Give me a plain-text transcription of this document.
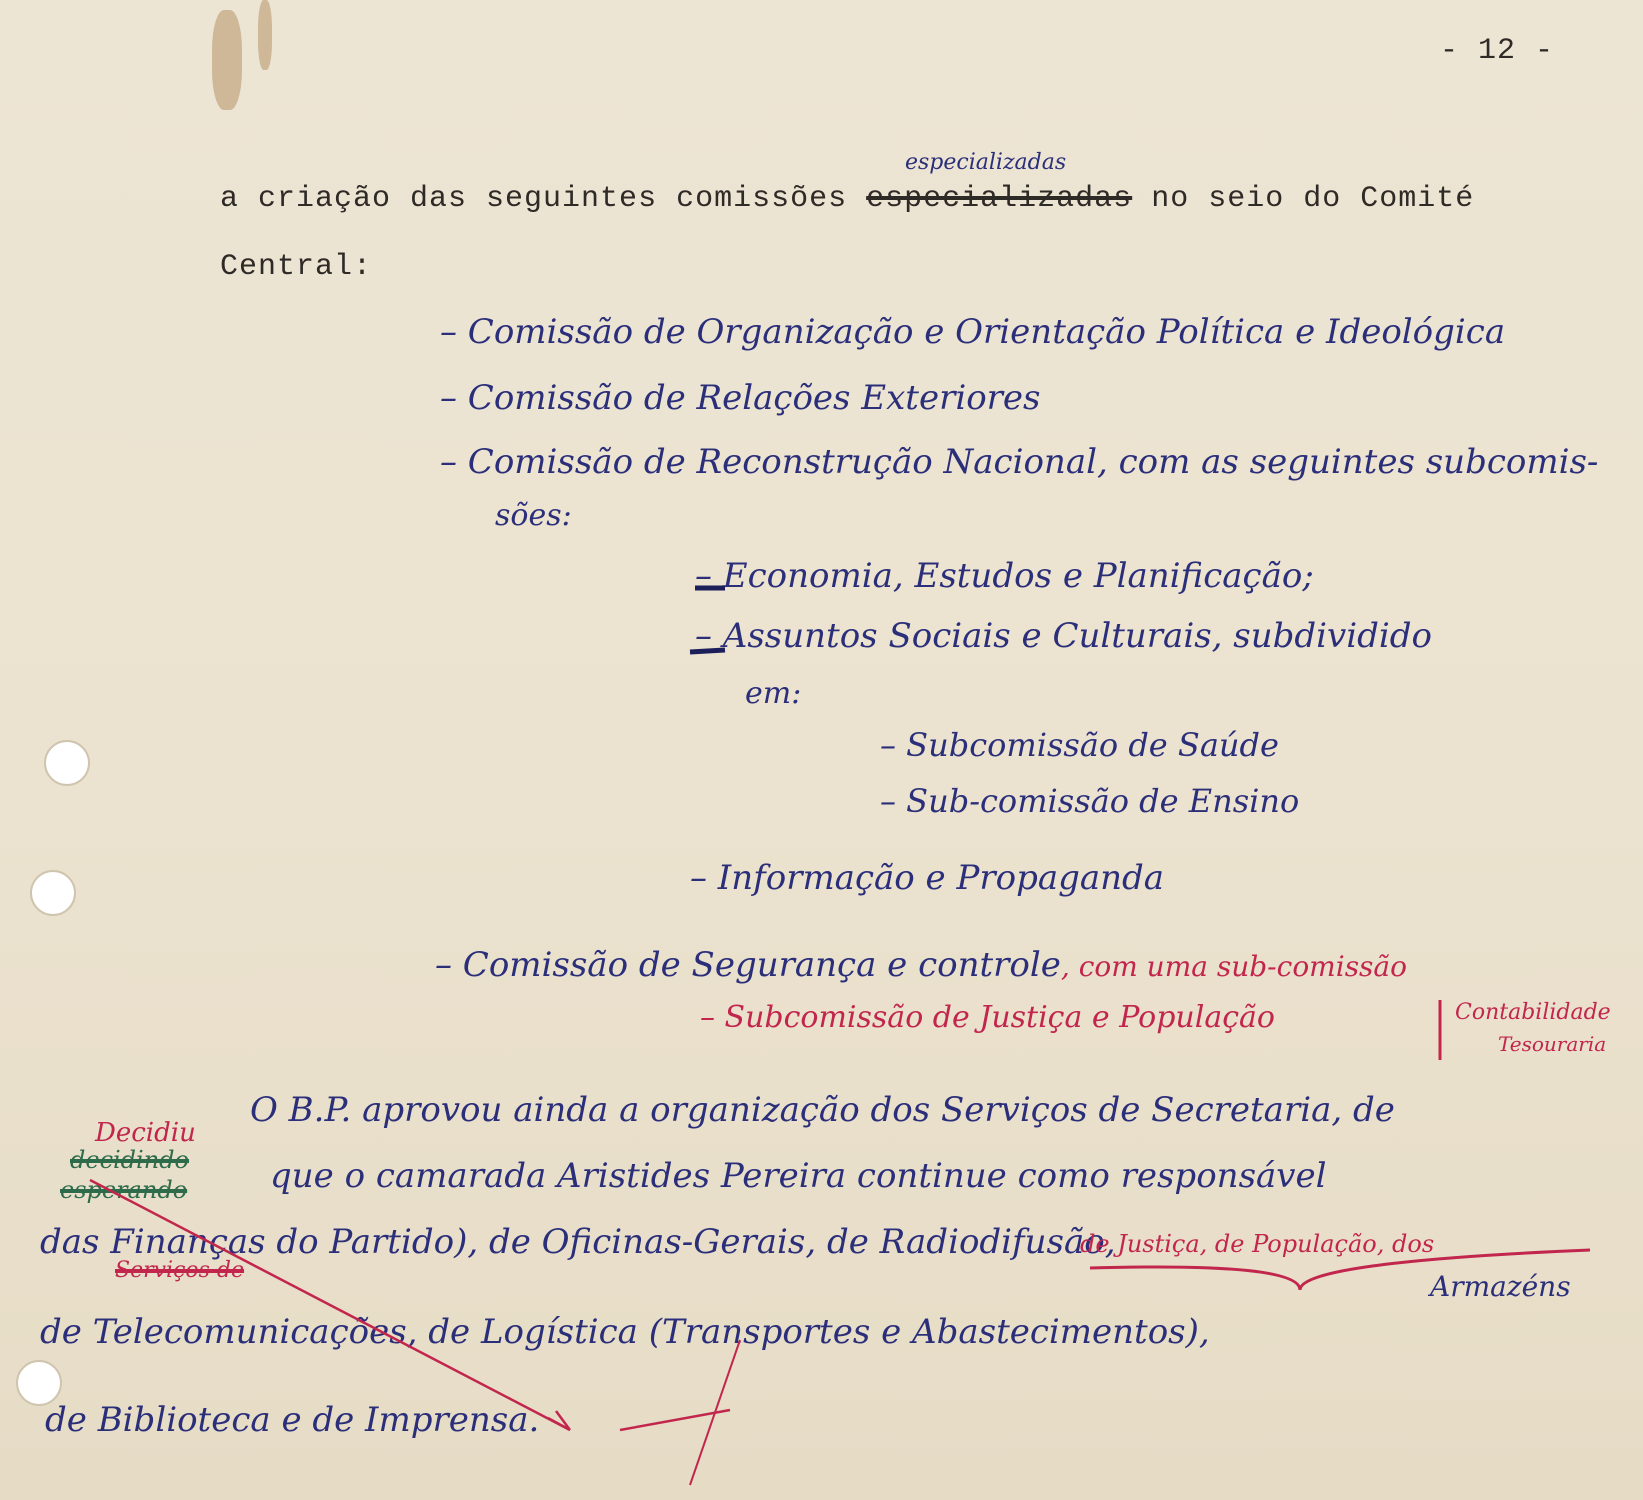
- 12 -
a criação das seguintes comissões especializadas no seio do Comité
especializadas
Central:
– Comissão de Organização e Orientação Política e Ideológica
– Comissão de Relações Exteriores
– Comissão de Reconstrução Nacional, com as seguintes subcomis-
sões:
– Economia, Estudos e Planificação;
– Assuntos Sociais e Culturais, subdividido
em:
– Subcomissão de Saúde
– Sub-comissão de Ensino
– Informação e Propaganda
– Comissão de Segurança e controle, com uma sub-comissão
– Subcomissão de Justiça e População	Contabilidade
Tesouraria
O B.P. aprovou ainda a organização dos Serviços de Secretaria, de
que o camarada Aristides Pereira continue como responsável
das Finanças do Partido), de Oficinas-Gerais, de Radiodifusão,
Serviços de
de Justiça, de População, dos
Armazéns
de Telecomunicações, de Logística (Transportes e Abastecimentos),
de Biblioteca e de Imprensa.
Decidiu
decidindo
esperando
